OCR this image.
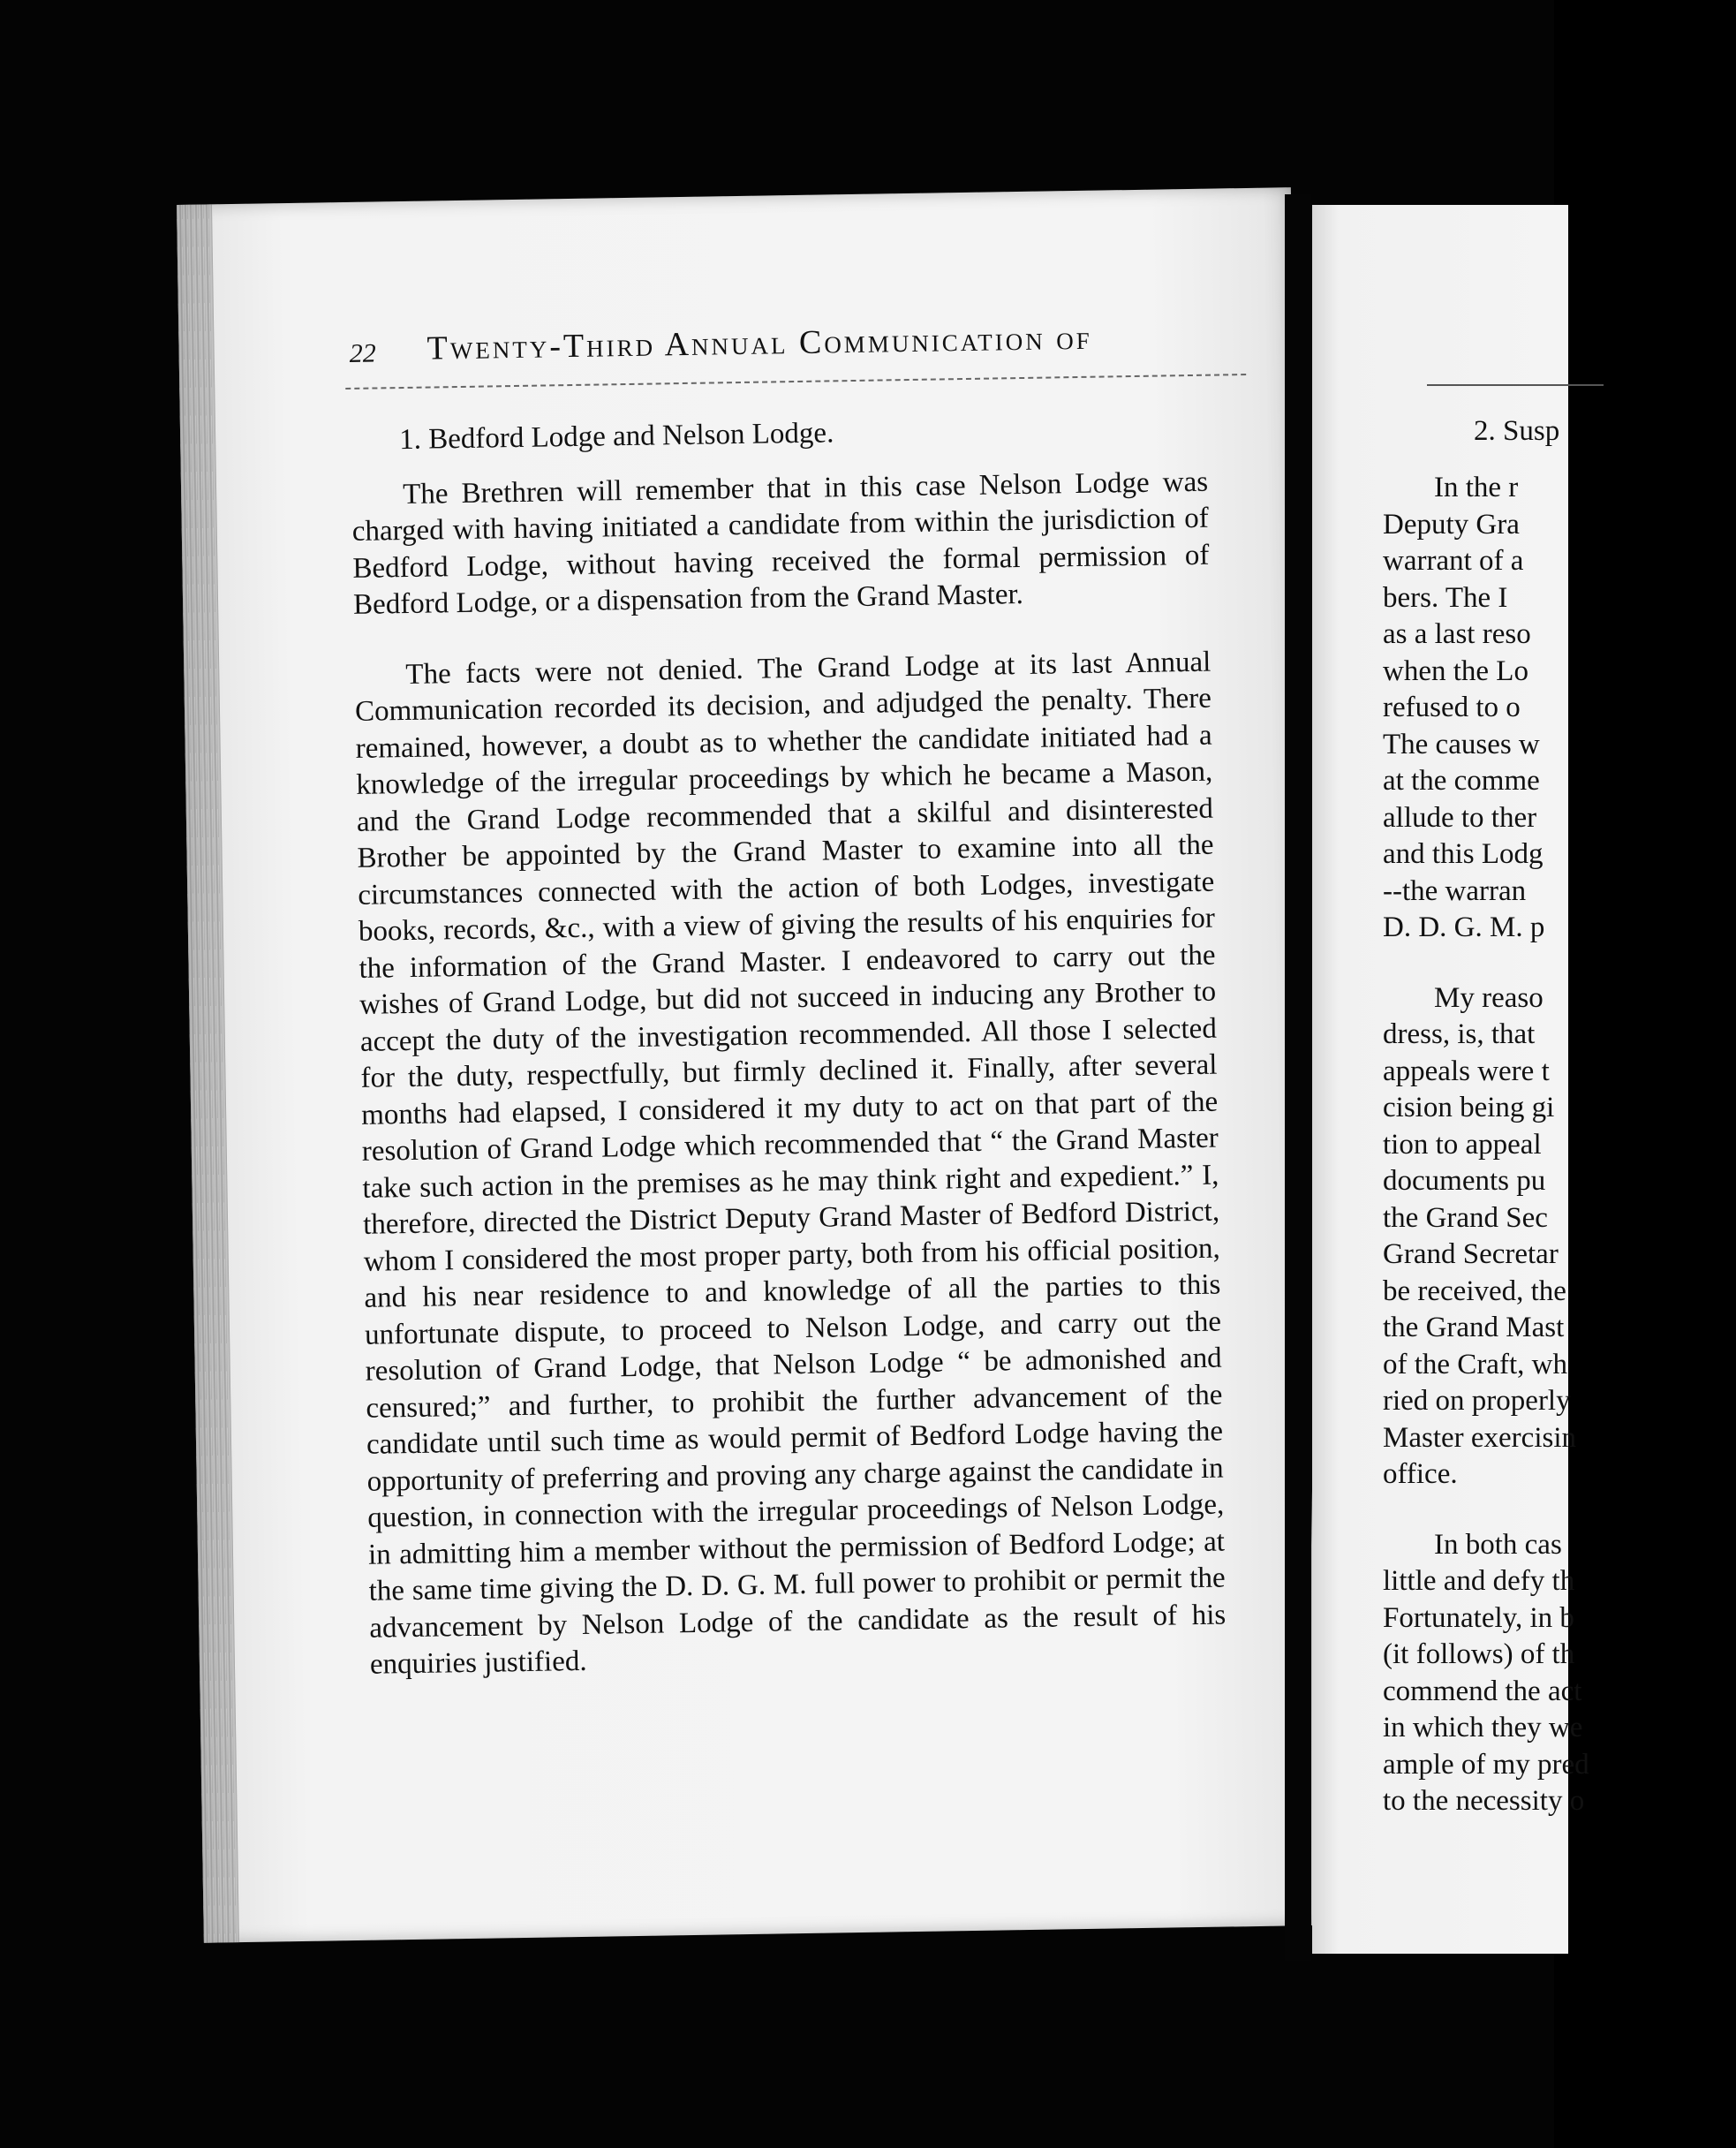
22 Twenty-Third Annual Communication of

1. Bedford Lodge and Nelson Lodge.

The Brethren will remember that in this case Nelson Lodge was charged with having initiated a candidate from within the jurisdiction of Bedford Lodge, without having received the formal permission of Bedford Lodge, or a dispensation from the Grand Master.

The facts were not denied. The Grand Lodge at its last Annual Communication recorded its decision, and adjudged the penalty. There remained, however, a doubt as to whether the candidate initiated had a knowledge of the irregular proceedings by which he became a Mason, and the Grand Lodge recommended that a skilful and disinterested Brother be appointed by the Grand Master to examine into all the circumstances connected with the action of both Lodges, investigate books, records, &c., with a view of giving the results of his enquiries for the information of the Grand Master. I endeavored to carry out the wishes of Grand Lodge, but did not succeed in inducing any Brother to accept the duty of the investigation recommended. All those I selected for the duty, respectfully, but firmly declined it. Finally, after several months had elapsed, I considered it my duty to act on that part of the resolution of Grand Lodge which recommended that “ the Grand Master take such action in the premises as he may think right and expedient.” I, therefore, directed the District Deputy Grand Master of Bedford District, whom I considered the most proper party, both from his official position, and his near residence to and knowledge of all the parties to this unfortunate dispute, to proceed to Nelson Lodge, and carry out the resolution of Grand Lodge, that Nelson Lodge “ be admonished and censured;” and further, to prohibit the further advancement of the candidate until such time as would permit of Bedford Lodge having the opportunity of preferring and proving any charge against the candidate in question, in connection with the irregular proceedings of Nelson Lodge, in admitting him a member without the permission of Bedford Lodge; at the same time giving the D. D. G. M. full power to prohibit or permit the advancement by Nelson Lodge of the candidate as the result of his enquiries justified.

2. Susp
In the r
Deputy Gra
warrant of a
bers. The I
as a last reso
when the Lo
refused to o
The causes w
at the comme
allude to ther
and this Lodg
--the warran
D. D. G. M. p
My reaso
dress, is, that
appeals were t
cision being gi
tion to appeal
documents pu
the Grand Sec
Grand Secretar
be received, the
the Grand Mast
of the Craft, wh
ried on properly
Master exercisin
office.
In both cas
little and defy th
Fortunately, in b
(it follows) of th
commend the act
in which they we
ample of my pred
to the necessity o
